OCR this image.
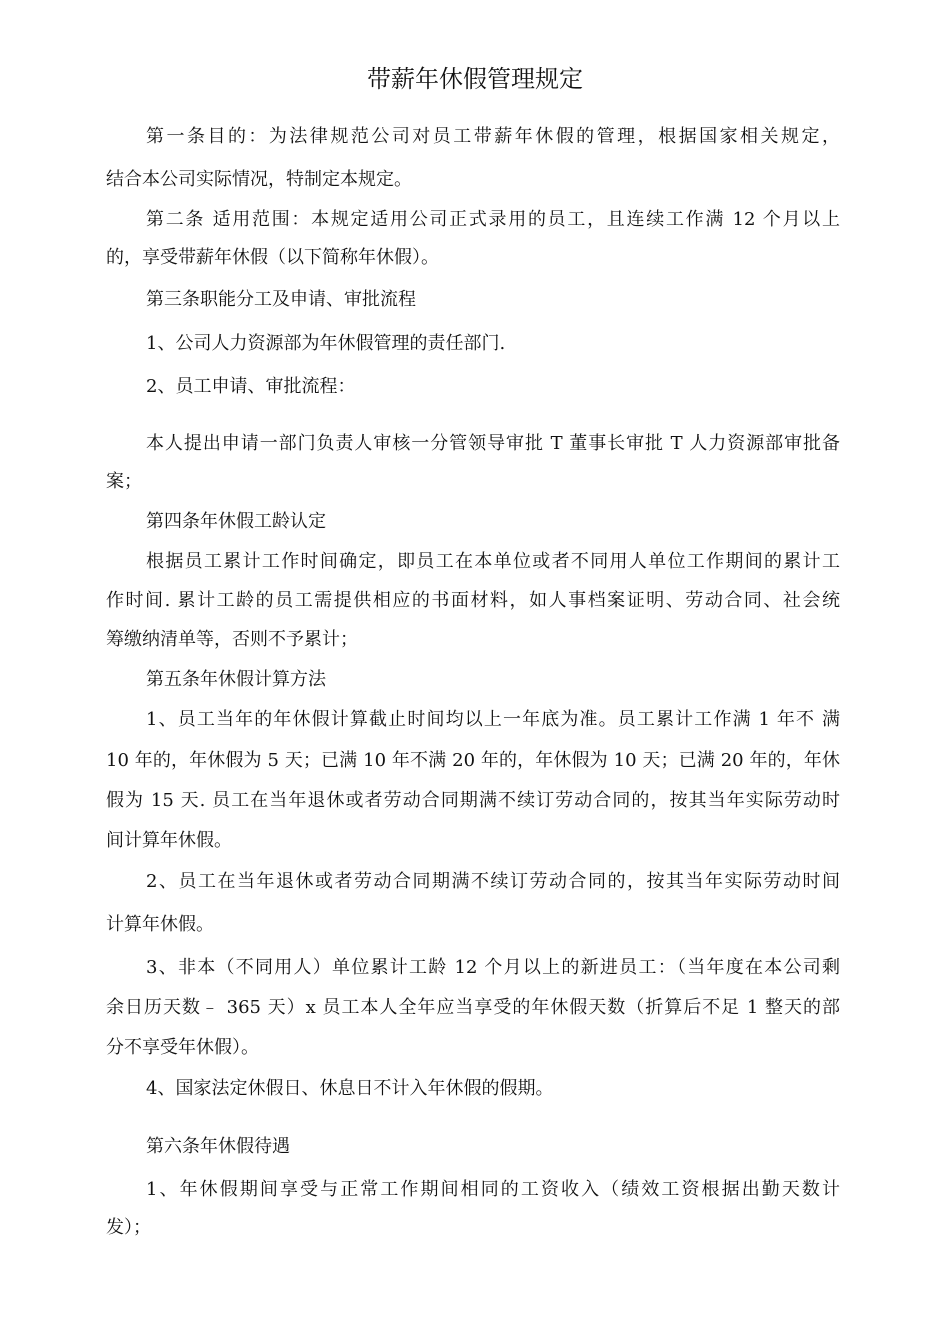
带薪年休假管理规定
第一条目的：为法律规范公司对员工带薪年休假的管理，根据国家相关规定，
结合本公司实际情况，特制定本规定。
第二条 适用范围：本规定适用公司正式录用的员工，且连续工作满 12 个月以上
的，享受带薪年休假（以下简称年休假）。
第三条职能分工及申请、审批流程
1、公司人力资源部为年休假管理的责任部门.
2、员工申请、审批流程：
本人提出申请一部门负责人审核一分管领导审批 T 董事长审批 T 人力资源部审批备
案；
第四条年休假工龄认定
根据员工累计工作时间确定，即员工在本单位或者不同用人单位工作期间的累计工
作时间. 累计工龄的员工需提供相应的书面材料，如人事档案证明、劳动合同、社会统
筹缴纳清单等，否则不予累计；
第五条年休假计算方法
1、员工当年的年休假计算截止时间均以上一年底为准。员工累计工作满 1 年不 满
10 年的，年休假为 5 天；已满 10 年不满 20 年的，年休假为 10 天；已满 20 年的，年休
假为 15 天. 员工在当年退休或者劳动合同期满不续订劳动合同的，按其当年实际劳动时
间计算年休假。
2、员工在当年退休或者劳动合同期满不续订劳动合同的，按其当年实际劳动时间
计算年休假。
3、非本（不同用人）单位累计工龄 12 个月以上的新进员工：（当年度在本公司剩
余日历天数﹣ 365 天）x 员工本人全年应当享受的年休假天数（折算后不足 1 整天的部
分不享受年休假）。
4、国家法定休假日、休息日不计入年休假的假期。
第六条年休假待遇
1、年休假期间享受与正常工作期间相同的工资收入（绩效工资根据出勤天数计
发）；
